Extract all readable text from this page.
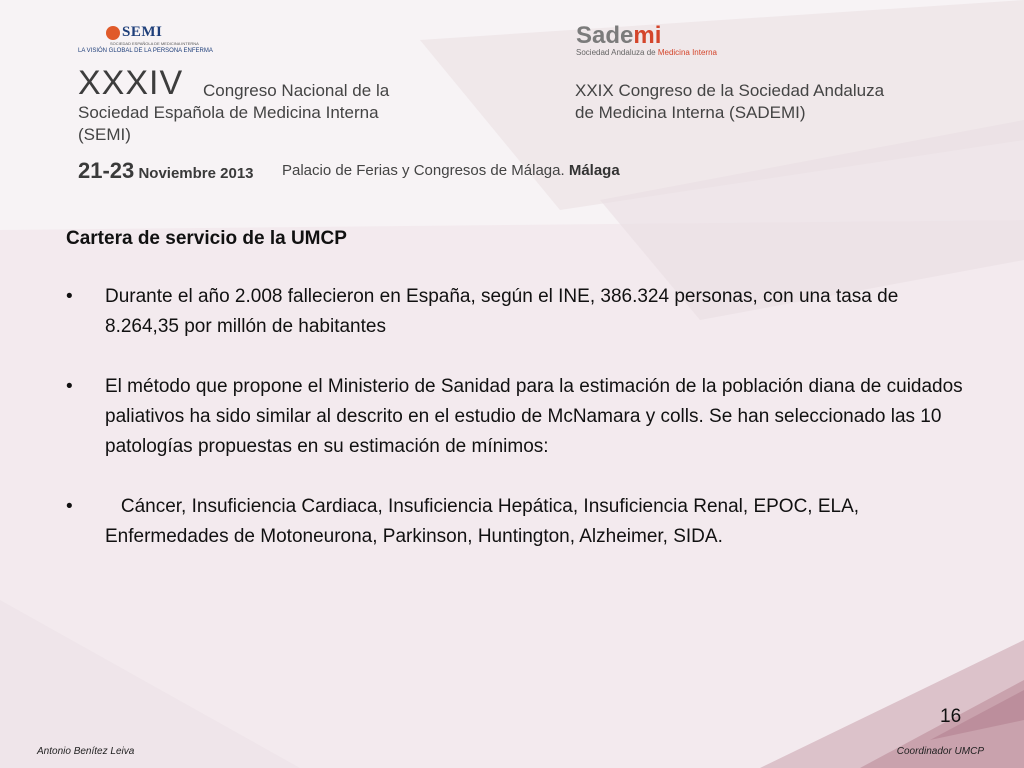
SEMI
SOCIEDAD ESPAÑOLA DE MEDICINA INTERNA
LA VISIÓN GLOBAL DE LA PERSONA ENFERMA
Sademi
Sociedad Andaluza de Medicina Interna
XXXIV Congreso Nacional de la
Sociedad Española de Medicina Interna
(SEMI)
XXIX Congreso de la Sociedad Andaluza
de Medicina Interna (SADEMI)
21-23 Noviembre 2013 Palacio de Ferias y Congresos de Málaga. Málaga
Cartera de servicio de la UMCP
• Durante el año 2.008 fallecieron en España, según el INE, 386.324 personas, con una tasa de 8.264,35 por millón de habitantes
• El método que propone el Ministerio de Sanidad para la estimación de la población diana de cuidados paliativos ha sido similar al descrito en el estudio de McNamara y colls. Se han seleccionado las 10 patologías propuestas en su estimación de mínimos:
• Cáncer, Insuficiencia Cardiaca, Insuficiencia Hepática, Insuficiencia Renal, EPOC, ELA, Enfermedades de Motoneurona, Parkinson, Huntington, Alzheimer, SIDA.
16
Antonio Benítez Leiva	Coordinador UMCP
